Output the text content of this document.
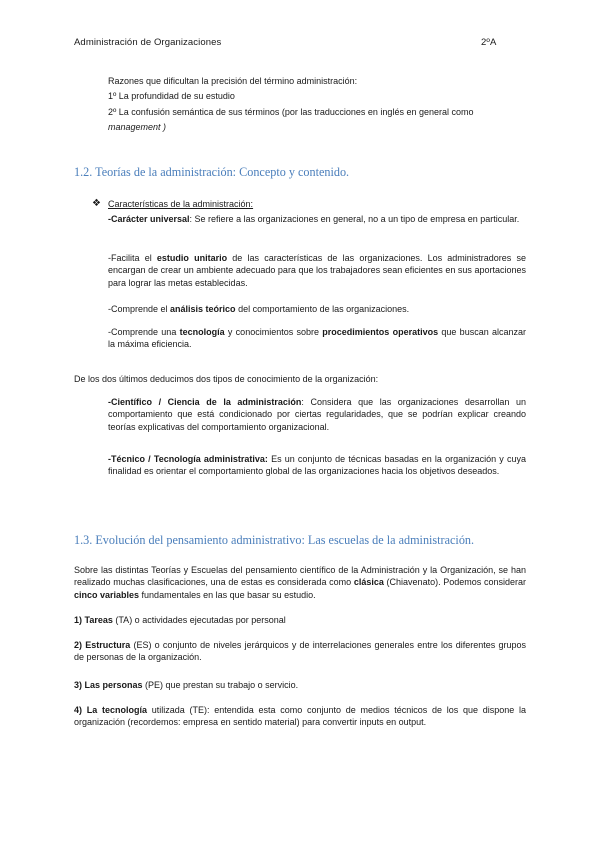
Administración de Organizaciones	2ºA
Razones que dificultan la precisión del término administración:
1º La profundidad de su estudio
2º La confusión semántica de sus términos (por las traducciones en inglés en general como
management )
1.2. Teorías de la administración: Concepto y contenido.
❖ Características de la administración:
-Carácter universal: Se refiere a las organizaciones en general, no a un tipo de empresa en particular.
-Facilita el estudio unitario de las características de las organizaciones. Los administradores se encargan de crear un ambiente adecuado para que los trabajadores sean eficientes en sus aportaciones para lograr las metas establecidas.
-Comprende el análisis teórico del comportamiento de las organizaciones.
-Comprende una tecnología y conocimientos sobre procedimientos operativos que buscan alcanzar la máxima eficiencia.
De los dos últimos deducimos dos tipos de conocimiento de la organización:
-Científico / Ciencia de la administración: Considera que las organizaciones desarrollan un comportamiento que está condicionado por ciertas regularidades, que se podrían explicar creando teorías explicativas del comportamiento organizacional.
-Técnico / Tecnología administrativa: Es un conjunto de técnicas basadas en la organización y cuya finalidad es orientar el comportamiento global de las organizaciones hacia los objetivos deseados.
1.3. Evolución del pensamiento administrativo: Las escuelas de la administración.
Sobre las distintas Teorías y Escuelas del pensamiento científico de la Administración y la Organización, se han realizado muchas clasificaciones, una de estas es considerada como clásica (Chiavenato). Podemos considerar cinco variables fundamentales en las que basar su estudio.
1) Tareas (TA) o actividades ejecutadas por personal
2) Estructura (ES) o conjunto de niveles jerárquicos y de interrelaciones generales entre los diferentes grupos de personas de la organización.
3) Las personas (PE) que prestan su trabajo o servicio.
4) La tecnología utilizada (TE): entendida esta como conjunto de medios técnicos de los que dispone la organización (recordemos: empresa en sentido material) para convertir inputs en output.
